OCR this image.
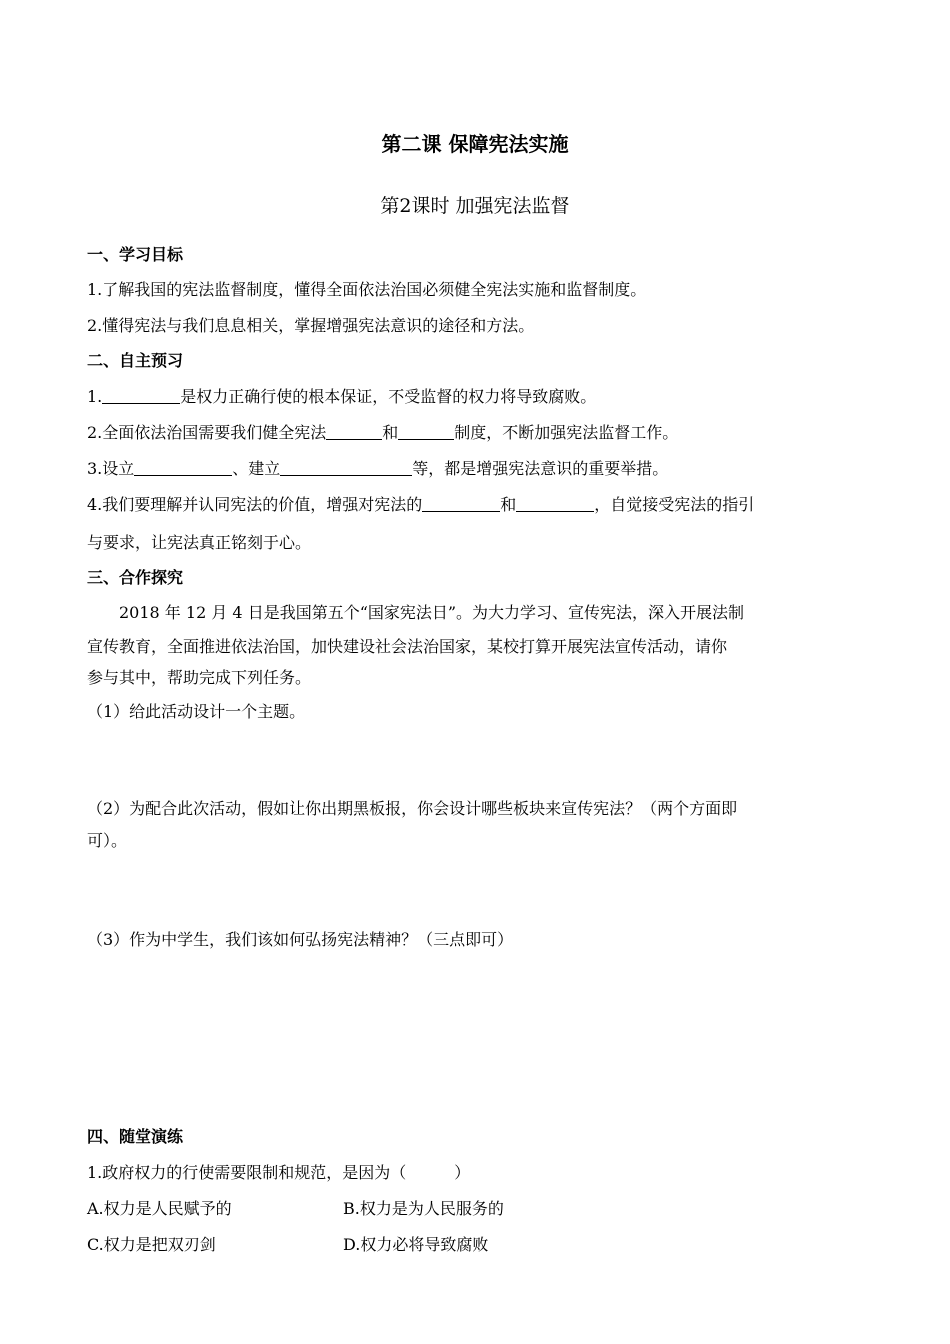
第二课 保障宪法实施
第2课时 加强宪法监督
一、学习目标
1.了解我国的宪法监督制度，懂得全面依法治国必须健全宪法实施和监督制度。
2.懂得宪法与我们息息相关，掌握增强宪法意识的途径和方法。
二、自主预习
1.	是权力正确行使的根本保证，不受监督的权力将导致腐败。
2.全面依法治国需要我们健全宪法	和	制度，不断加强宪法监督工作。
3.设立	、建立	等，都是增强宪法意识的重要举措。
4.我们要理解并认同宪法的价值，增强对宪法的	和	，自觉接受宪法的指引
与要求，让宪法真正铭刻于心。
三、合作探究
2018 年 12 月 4 日是我国第五个“国家宪法日”。为大力学习、宣传宪法，深入开展法制
宣传教育，全面推进依法治国，加快建设社会法治国家，某校打算开展宪法宣传活动，请你
参与其中，帮助完成下列任务。
（1）给此活动设计一个主题。
（2）为配合此次活动，假如让你出期黑板报，你会设计哪些板块来宣传宪法？（两个方面即
可）。
（3）作为中学生，我们该如何弘扬宪法精神？（三点即可）
四、随堂演练
1.政府权力的行使需要限制和规范，是因为（　　　）
A.权力是人民赋予的	B.权力是为人民服务的
C.权力是把双刃剑	D.权力必将导致腐败
